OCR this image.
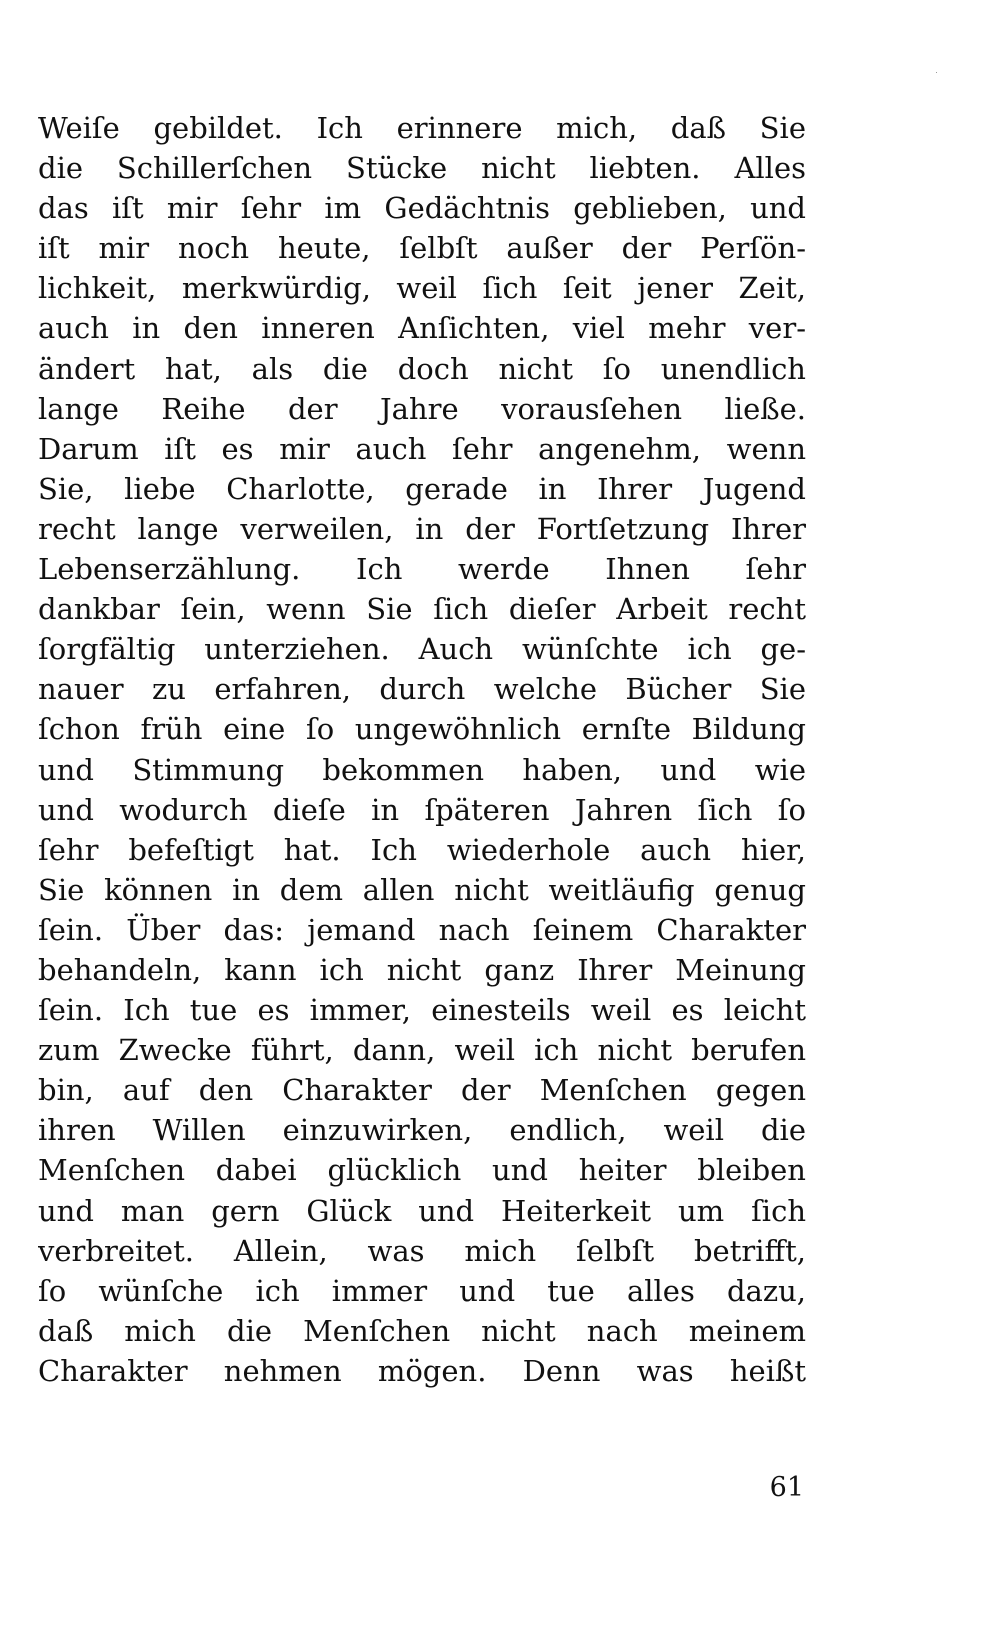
Weiſe gebildet. Ich erinnere mich, daß Sie
die Schillerſchen Stücke nicht liebten. Alles
das iſt mir ſehr im Gedächtnis geblieben, und
iſt mir noch heute, ſelbſt außer der Perſön-
lichkeit, merkwürdig, weil ſich ſeit jener Zeit,
auch in den inneren Anſichten, viel mehr ver-
ändert hat, als die doch nicht ſo unendlich
lange Reihe der Jahre vorausſehen ließe.
Darum iſt es mir auch ſehr angenehm, wenn
Sie, liebe Charlotte, gerade in Ihrer Jugend
recht lange verweilen, in der Fortſetzung Ihrer
Lebenserzählung. Ich werde Ihnen ſehr
dankbar ſein, wenn Sie ſich dieſer Arbeit recht
ſorgfältig unterziehen. Auch wünſchte ich ge-
nauer zu erfahren, durch welche Bücher Sie
ſchon früh eine ſo ungewöhnlich ernſte Bildung
und Stimmung bekommen haben, und wie
und wodurch dieſe in ſpäteren Jahren ſich ſo
ſehr befeſtigt hat. Ich wiederhole auch hier,
Sie können in dem allen nicht weitläufig genug
ſein. Über das: jemand nach ſeinem Charakter
behandeln, kann ich nicht ganz Ihrer Meinung
ſein. Ich tue es immer, einesteils weil es leicht
zum Zwecke führt, dann, weil ich nicht berufen
bin, auf den Charakter der Menſchen gegen
ihren Willen einzuwirken, endlich, weil die
Menſchen dabei glücklich und heiter bleiben
und man gern Glück und Heiterkeit um ſich
verbreitet. Allein, was mich ſelbſt betrifft,
ſo wünſche ich immer und tue alles dazu,
daß mich die Menſchen nicht nach meinem
Charakter nehmen mögen. Denn was heißt
61
